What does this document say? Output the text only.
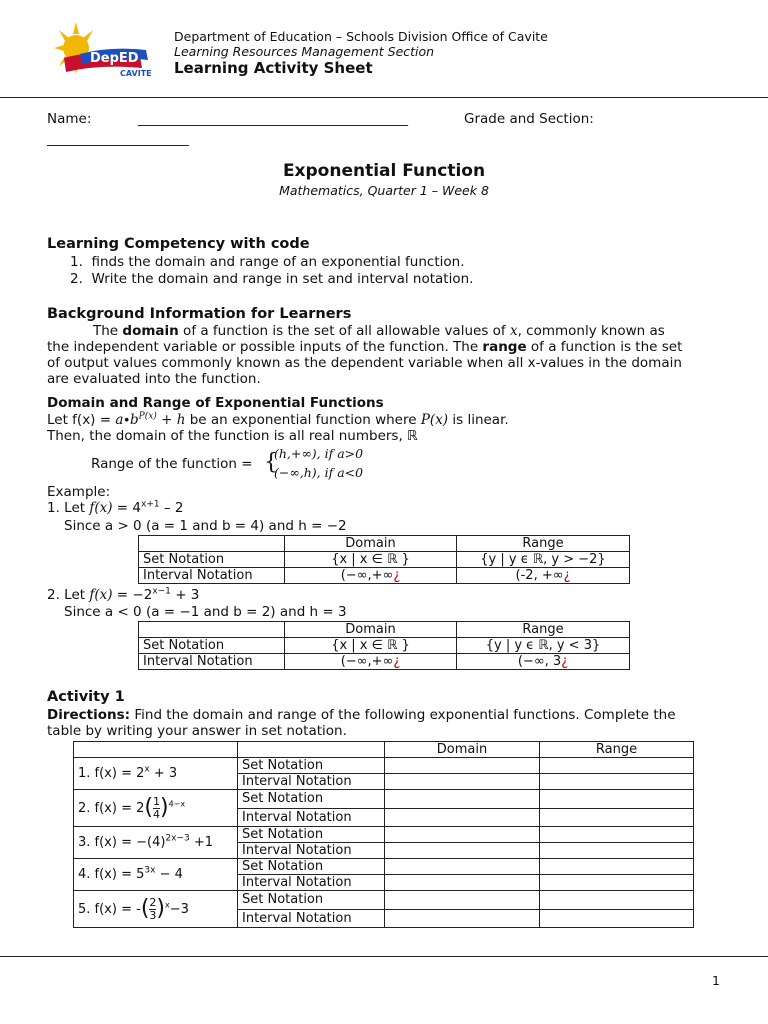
DepED
CAVITE
Department of Education – Schools Division Office of Cavite
Learning Resources Management Section
Learning Activity Sheet
Name:	________________________________________	Grade and Section:
_____________________
Exponential Function
Mathematics, Quarter 1 – Week 8
Learning Competency with code
1.  finds the domain and range of an exponential function.
2.  Write the domain and range in set and interval notation.
Background Information for Learners

The domain of a function is the set of all allowable values of x, commonly known as

the independent variable or possible inputs of the function. The range of a function is the set

of output values commonly known as the dependent variable when all x-values in the domain

are evaluated into the function.

Domain and Range of Exponential Functions
Let $f(x) = a\cdot b^{P(x)} + h$ be an exponential function where P(x) is linear.
Then, the domain of the function is all real numbers, ℝ
Range of the function = {
(h,+∞), if a>0
(−∞,h), if a<0
Example:
1. Let $f(x) = 4^{x+1} - 2$
Since a > 0 (a = 1 and b = 4) and h = −2
	Domain	Range
Set Notation	{x | x ∈ ℝ }	{y | y ϵ ℝ, y > −2}
Interval Notation	(−∞,+∞¿	(-2, +∞¿
2. Let $f(x) = -2^{x-1} + 3$
Since a < 0 (a = −1 and b = 2) and h = 3
	Domain	Range
Set Notation	{x | x ∈ ℝ }	{y | y ϵ ℝ, y < 3}
Interval Notation	(−∞,+∞¿	(−∞, 3¿
Activity 1

Directions: Find the domain and range of the following exponential functions. Complete the

table by writing your answer in set notation.

		Domain	Range
1. $f(x) = 2^x + 3$	Set Notation		
	Interval Notation		
2. $f(x) = 2( \frac{1}{4} )^{4-x}$	Set Notation		
	Interval Notation		
3. $f(x) = -(4)^{2x-3} +1$	Set Notation		
	Interval Notation		
4. $f(x) = 5^{3x} - 4$	Set Notation		
	Interval Notation		
5. f(x) = -( $\frac{2}{3} )^x-3$	Set Notation		
	Interval Notation		
1
